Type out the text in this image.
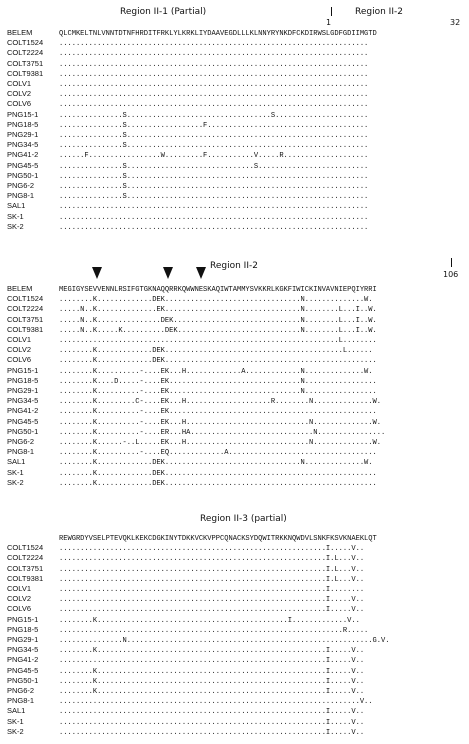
Region II-1 (Partial)
1
Region II-2
32
BELEM	QLCMKELTNLVNNTDTNFHRDITFRKLYLKRKLIYDAAVEGDLLLKLNNYRYNKDFCKDIRWSLGDFGDIIMGTD
COLT1524 .........................................................................
COLT2224 .........................................................................
COLT3751 .........................................................................
COLT9381 .........................................................................
COLV1	.........................................................................
COLV2	.........................................................................
COLV6	.........................................................................
PNG15-1	...............S..................................S......................
PNG18-5	...............S..................F......................................
PNG29-1	...............S.........................................................
PNG34-5	...............S.........................................................
PNG41-2	......F.................W.........F...........V.....R....................
PNG45-5	...............S..............................S..........................
PNG50-1	...............S.........................................................
PNG6-2	...............S.........................................................
PNG8-1	...............S.........................................................
SAL1	.........................................................................
SK-1	.........................................................................
SK-2	.........................................................................
Region II-2
106
BELEM	MEGIGYSEVVENNLRSIFGTGKNAQQRRKQWWNESKAQIWTAMMYSVKKRLKGKFIWICKINVAVNIEPQIYRRI
COLT1524 ........K.............DEK................................N..............W.
COLT2224 .....N..K..............EK................................N........L...I..W.
COLT3751 .....N..K...............DEK..............................N........L...I..W.
COLT9381 .....N..K.....K..........DEK.............................N........L...I..W.
COLV1	..................................................................L........
COLV2	........K.............DEK..........................................L......
COLV6	........K.............DEK..................................................
PNG15-1	........K..........-....EK...H.............A.............N..............W.
PNG18-5	........K....D.....-....EK...............................N.................
PNG29-1	........K..........-....EK...............................N.................
PNG34-5	........K.........C-....EK...H....................R........N..............W.
PNG41-2	........K..........-....EK.................................................
PNG45-5	........K..........-....EK...H.............................N..............W.
PNG50-1	........K..........-....ER...HA.............................N................
PNG6-2	........K......-..L.....EK...H.............................N..............W.
PNG8-1	........K..........-....EQ.............A...................................
SAL1	........K.............DEK................................N..............W.
SK-1	........K.............DEK..................................................
SK-2	........K.............DEK..................................................
Region II-3 (partial)
REWGRDYVSELPTEVQKLKEKCDGKINYTDKKVCKVPPCQNACKSYDQWITRKKNQWDVLSNKFKSVKNAEKLQT
COLT1524 ...............................................................I.....V..
COLT2224 ...............................................................I.L...V..
COLT3751 ...............................................................I.L...V..
COLT9381 ...............................................................I.L...V..
COLV1	...............................................................I........
COLV2	...............................................................I.....V..
COLV6	...............................................................I.....V..
PNG15-1	........K.............................................I.............V..
PNG18-5	...................................................................R.....
PNG29-1	...............N..........................................................G.V.
PNG34-5	........K......................................................I.....V..
PNG41-2	...............................................................I.....V..
PNG45-5	........K......................................................I.....V..
PNG50-1	........K......................................................I.....V..
PNG6-2	........K......................................................I.....V..
PNG8-1	.......................................................................V..
SAL1	...............................................................I.....V..
SK-1	...............................................................I.....V..
SK-2	...............................................................I.....V..
